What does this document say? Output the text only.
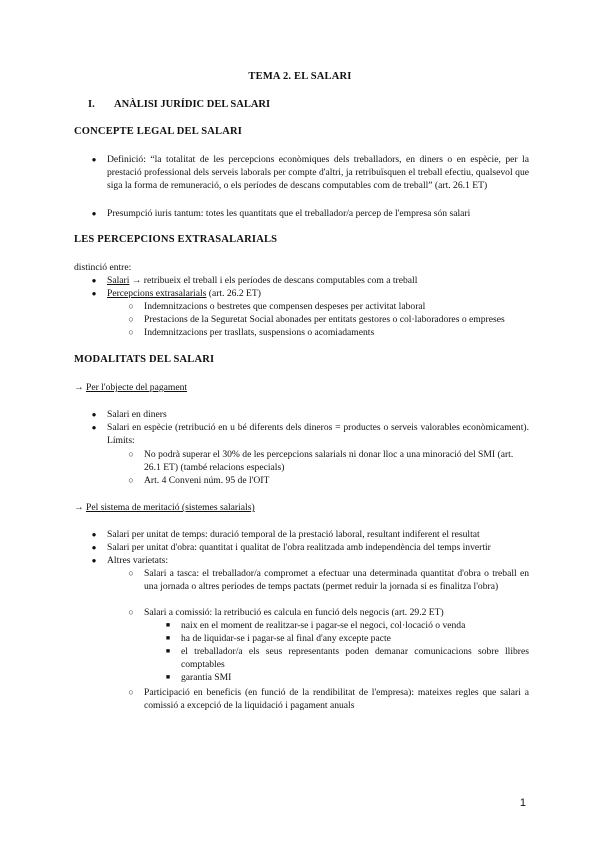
TEMA 2. EL SALARI
I. ANÀLISI JURÍDIC DEL SALARI
CONCEPTE LEGAL DEL SALARI
● Definició: “la totalitat de les percepcions econòmiques dels treballadors, en diners o en espècie, per la prestació professional dels serveis laborals per compte d'altri, ja retribuïsquen el treball efectiu, qualsevol que siga la forma de remuneració, o els períodes de descans computables com de treball” (art. 26.1 ET)
● Presumpció iuris tantum: totes les quantitats que el treballador/a percep de l'empresa són salari
LES PERCEPCIONS EXTRASALARIALS
distinció entre:
● Salari → retribueix el treball i els períodes de descans computables com a treball
● Percepcions extrasalarials (art. 26.2 ET)
○ Indemnitzacions o bestretes que compensen despeses per activitat laboral
○ Prestacions de la Seguretat Social abonades per entitats gestores o col·laboradores o empreses
○ Indemnitzacions per trasllats, suspensions o acomiadaments
MODALITATS DEL SALARI
→ Per l'objecte del pagament
● Salari en diners
● Salari en espècie (retribució en u bé diferents dels dineros = productes o serveis valorables econòmicament). Límits:
○ No podrà superar el 30% de les percepcions salarials ni donar lloc a una minoració del SMI (art. 26.1 ET) (també relacions especials)
○ Art. 4 Conveni núm. 95 de l'OIT
→ Pel sistema de meritació (sistemes salarials)
● Salari per unitat de temps: duració temporal de la prestació laboral, resultant indiferent el resultat
● Salari per unitat d'obra: quantitat i qualitat de l'obra realitzada amb independència del temps invertir
● Altres varietats:
○ Salari a tasca: el treballador/a compromet a efectuar una determinada quantitat d'obra o treball en una jornada o altres períodes de temps pactats (permet reduir la jornada si es finalitza l'obra)
○ Salari a comissió: la retribució es calcula en funció dels negocis (art. 29.2 ET)
■	naix en el moment de realitzar-se i pagar-se el negoci, col·locació o venda
■	ha de liquidar-se i pagar-se al final d'any excepte pacte
■	el treballador/a els seus representants poden demanar comunicacions sobre llibres comptables
■	garantia SMI
○ Participació en beneficis (en funció de la rendibilitat de l'empresa): mateixes regles que salari a comissió a excepció de la liquidació i pagament anuals
1
